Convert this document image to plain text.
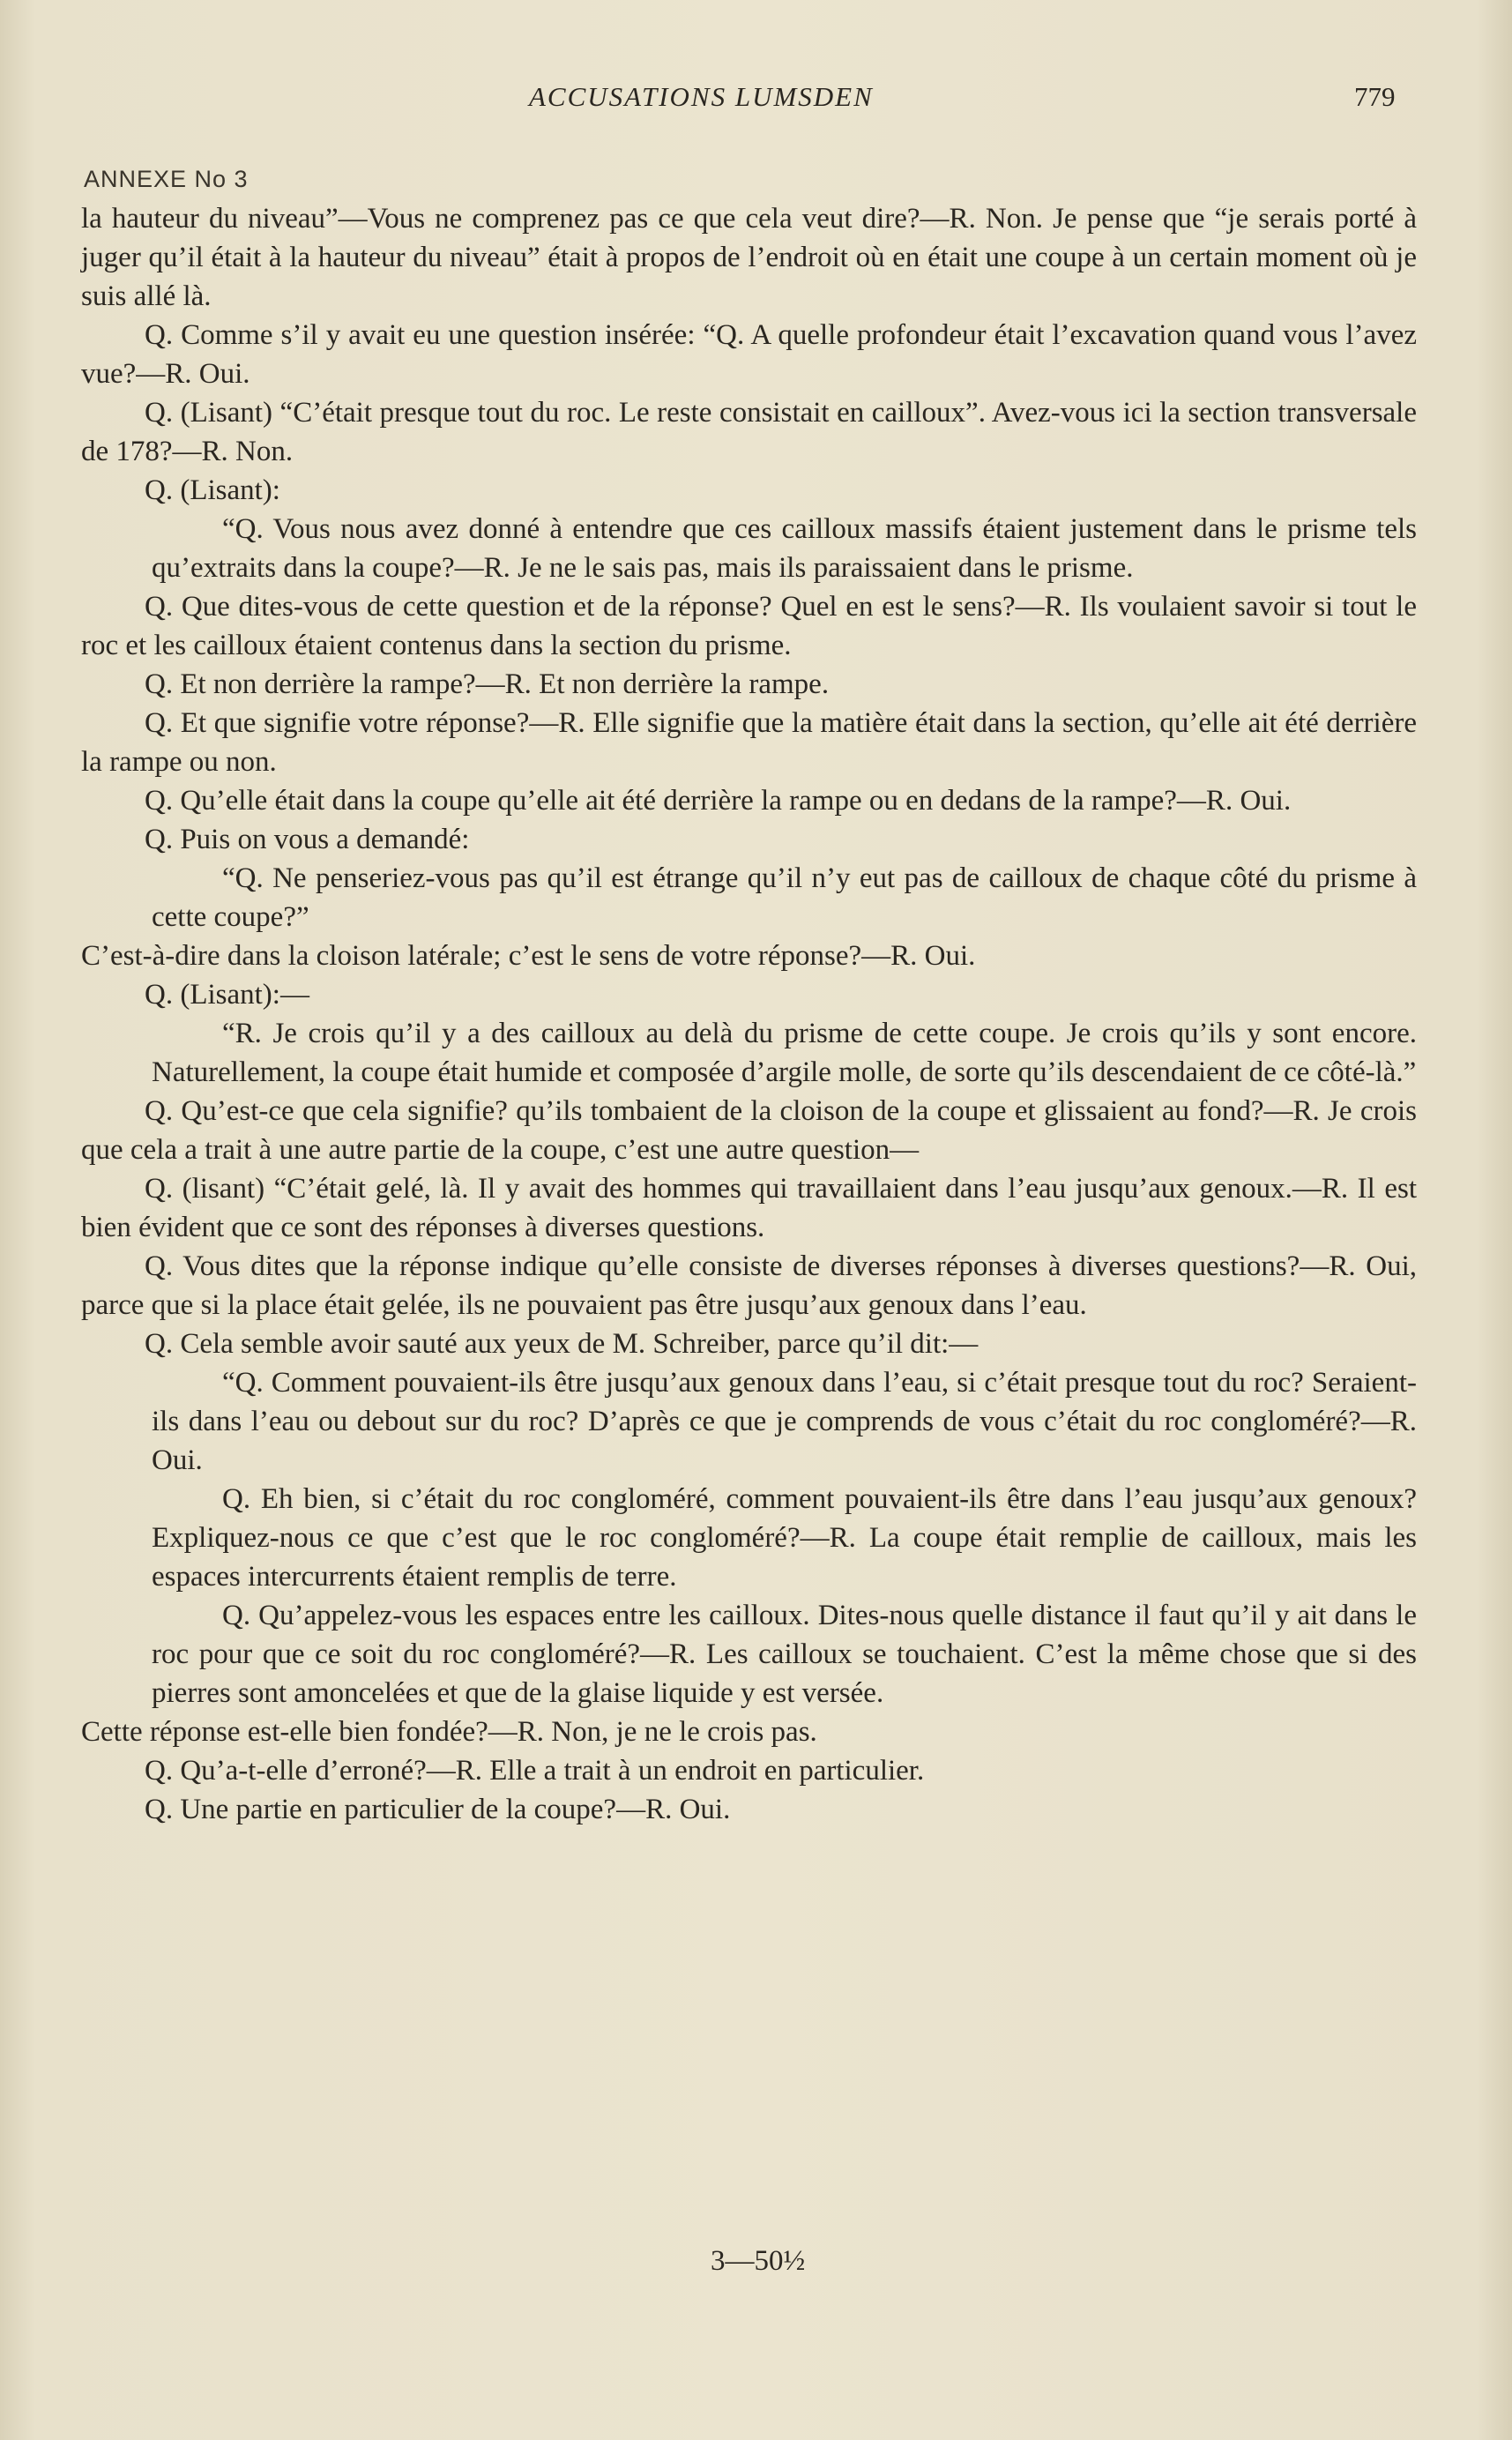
ACCUSATIONS LUMSDEN	779
ANNEXE No 3

la hauteur du niveau”—Vous ne comprenez pas ce que cela veut dire?—R. Non. Je pense que “je serais porté à juger qu’il était à la hauteur du niveau” était à propos de l’endroit où en était une coupe à un certain moment où je suis allé là.

Q. Comme s’il y avait eu une question insérée: “Q. A quelle profondeur était l’excavation quand vous l’avez vue?—R. Oui.

Q. (Lisant) “C’était presque tout du roc. Le reste consistait en cailloux”. Avez-vous ici la section transversale de 178?—R. Non.

Q. (Lisant):

“Q. Vous nous avez donné à entendre que ces cailloux massifs étaient justement dans le prisme tels qu’extraits dans la coupe?—R. Je ne le sais pas, mais ils paraissaient dans le prisme.

Q. Que dites-vous de cette question et de la réponse? Quel en est le sens?—R. Ils voulaient savoir si tout le roc et les cailloux étaient contenus dans la section du prisme.

Q. Et non derrière la rampe?—R. Et non derrière la rampe.

Q. Et que signifie votre réponse?—R. Elle signifie que la matière était dans la section, qu’elle ait été derrière la rampe ou non.

Q. Qu’elle était dans la coupe qu’elle ait été derrière la rampe ou en dedans de la rampe?—R. Oui.

Q. Puis on vous a demandé:

“Q. Ne penseriez-vous pas qu’il est étrange qu’il n’y eut pas de cailloux de chaque côté du prisme à cette coupe?”

C’est-à-dire dans la cloison latérale; c’est le sens de votre réponse?—R. Oui.

Q. (Lisant):—

“R. Je crois qu’il y a des cailloux au delà du prisme de cette coupe. Je crois qu’ils y sont encore. Naturellement, la coupe était humide et composée d’argile molle, de sorte qu’ils descendaient de ce côté-là.”

Q. Qu’est-ce que cela signifie? qu’ils tombaient de la cloison de la coupe et glissaient au fond?—R. Je crois que cela a trait à une autre partie de la coupe, c’est une autre question—

Q. (lisant) “C’était gelé, là. Il y avait des hommes qui travaillaient dans l’eau jusqu’aux genoux.—R. Il est bien évident que ce sont des réponses à diverses questions.

Q. Vous dites que la réponse indique qu’elle consiste de diverses réponses à diverses questions?—R. Oui, parce que si la place était gelée, ils ne pouvaient pas être jusqu’aux genoux dans l’eau.

Q. Cela semble avoir sauté aux yeux de M. Schreiber, parce qu’il dit:—

“Q. Comment pouvaient-ils être jusqu’aux genoux dans l’eau, si c’était presque tout du roc? Seraient-ils dans l’eau ou debout sur du roc? D’après ce que je comprends de vous c’était du roc congloméré?—R. Oui.

Q. Eh bien, si c’était du roc congloméré, comment pouvaient-ils être dans l’eau jusqu’aux genoux? Expliquez-nous ce que c’est que le roc congloméré?—R. La coupe était remplie de cailloux, mais les espaces intercurrents étaient remplis de terre.

Q. Qu’appelez-vous les espaces entre les cailloux. Dites-nous quelle distance il faut qu’il y ait dans le roc pour que ce soit du roc congloméré?—R. Les cailloux se touchaient. C’est la même chose que si des pierres sont amoncelées et que de la glaise liquide y est versée.

Cette réponse est-elle bien fondée?—R. Non, je ne le crois pas.

Q. Qu’a-t-elle d’erroné?—R. Elle a trait à un endroit en particulier.

Q. Une partie en particulier de la coupe?—R. Oui.

3—50½
